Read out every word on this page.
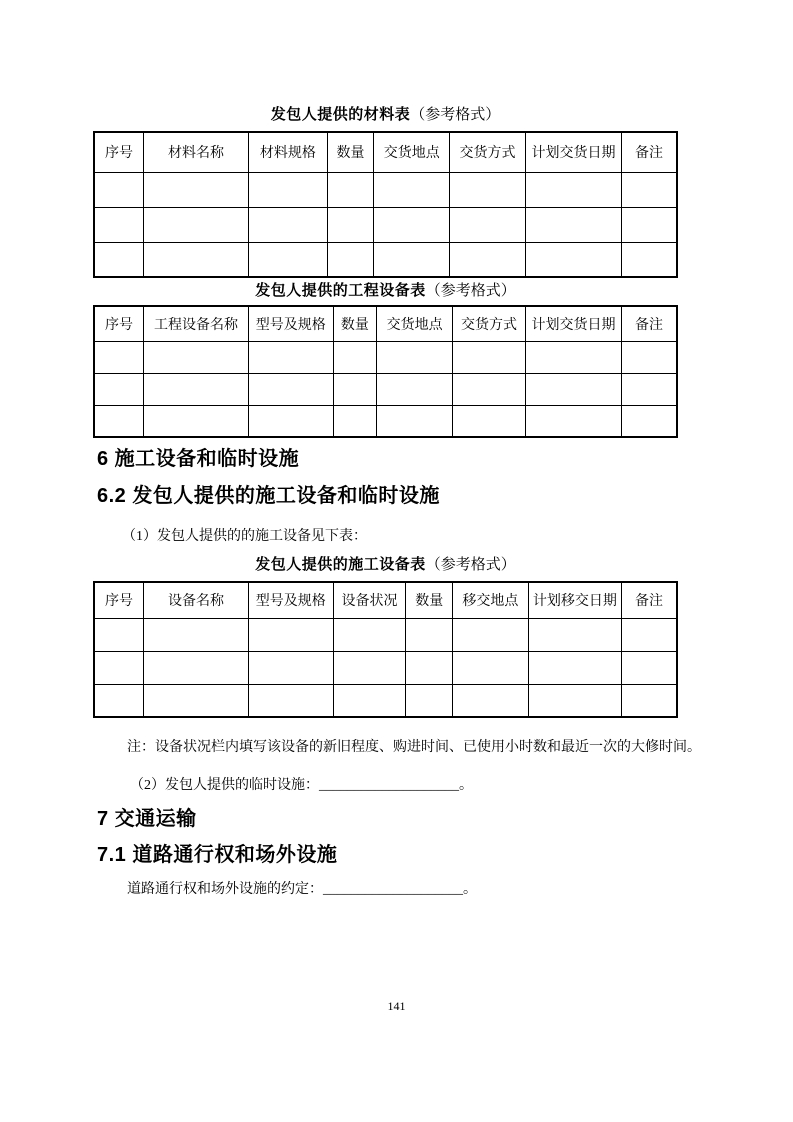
发包人提供的材料表（参考格式）
序号	材料名称	材料规格	数量	交货地点	交货方式	计划交货日期	备注

发包人提供的工程设备表（参考格式）
序号	工程设备名称	型号及规格	数量	交货地点	交货方式	计划交货日期	备注

6 施工设备和临时设施
6.2 发包人提供的施工设备和临时设施
（1）发包人提供的的施工设备见下表：
发包人提供的施工设备表（参考格式）
序号	设备名称	型号及规格	设备状况	数量	移交地点	计划移交日期	备注

注：设备状况栏内填写该设备的新旧程度、购进时间、已使用小时数和最近一次的大修时间。
（2）发包人提供的临时设施：____________________。
7 交通运输
7.1 道路通行权和场外设施
道路通行权和场外设施的约定：____________________。
141
